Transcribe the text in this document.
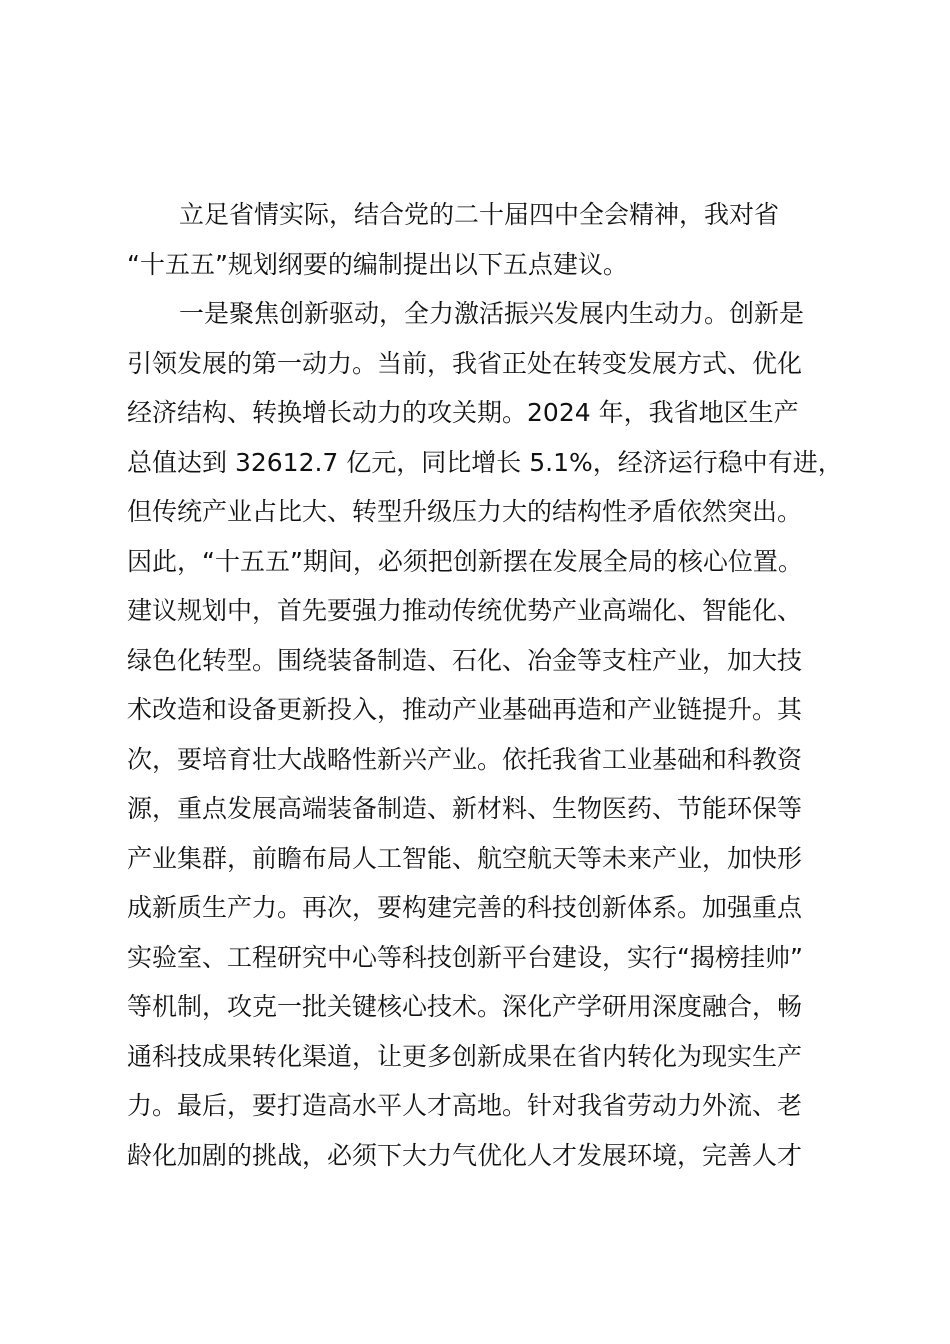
立足省情实际，结合党的二十届四中全会精神，我对省
“十五五”规划纲要的编制提出以下五点建议。
一是聚焦创新驱动，全力激活振兴发展内生动力。创新是
引领发展的第一动力。当前，我省正处在转变发展方式、优化
经济结构、转换增长动力的攻关期。2024 年，我省地区生产
总值达到 32612.7 亿元，同比增长 5.1%，经济运行稳中有进，
但传统产业占比大、转型升级压力大的结构性矛盾依然突出。
因此，“十五五”期间，必须把创新摆在发展全局的核心位置。
建议规划中，首先要强力推动传统优势产业高端化、智能化、
绿色化转型。围绕装备制造、石化、冶金等支柱产业，加大技
术改造和设备更新投入，推动产业基础再造和产业链提升。其
次，要培育壮大战略性新兴产业。依托我省工业基础和科教资
源，重点发展高端装备制造、新材料、生物医药、节能环保等
产业集群，前瞻布局人工智能、航空航天等未来产业，加快形
成新质生产力。再次，要构建完善的科技创新体系。加强重点
实验室、工程研究中心等科技创新平台建设，实行“揭榜挂帅”
等机制，攻克一批关键核心技术。深化产学研用深度融合，畅
通科技成果转化渠道，让更多创新成果在省内转化为现实生产
力。最后，要打造高水平人才高地。针对我省劳动力外流、老
龄化加剧的挑战，必须下大力气优化人才发展环境，完善人才
